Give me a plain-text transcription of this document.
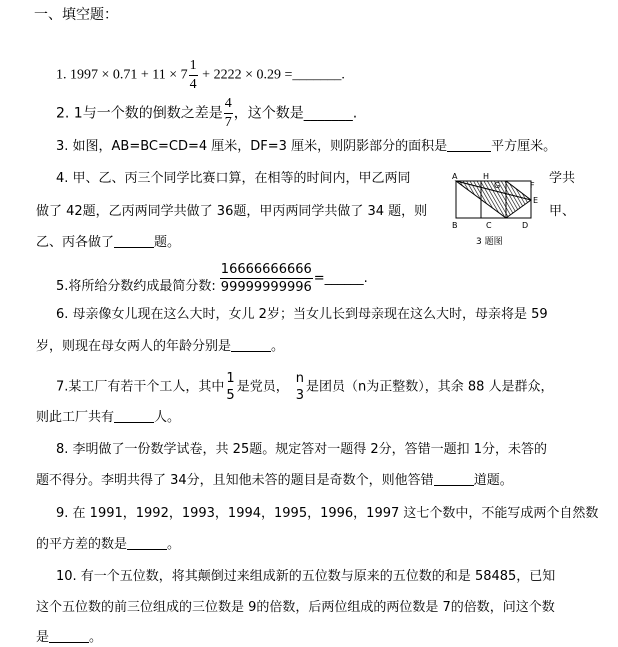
一、填空题：
1. $1997 \times 0.71 + 11 \times 7 \frac{1}{4} + 2222 \times 0.29$ =_______.
2. 1与一个数的倒数之差是 $\frac{4}{7}$ ，这个数是_______.
3. 如图，AB=BC=CD=4 厘米，DF=3 厘米，则阴影部分的面积是	平方厘米。
4. 甲、乙、丙三个同学比赛口算，在相等的时间内，甲乙两同	学共
做了 42题，乙丙两同学共做了 36题，甲丙两同学共做了 34 题，则	甲、
乙、丙各做了	题。
A	H
G	F
E
B	C	D
3 题图
5.将所给分数约成最简分数: $\frac{16666666666}{99999999996}$ =______.
6. 母亲像女儿现在这么大时，女儿 2岁；当女儿长到母亲现在这么大时，母亲将是 59
岁，则现在母女两人的年龄分别是	。
7.某工厂有若干个工人，其中
1
5
是党员，
n
3
是团员（n为正整数），其余 88 人是群众，
则此工厂共有	人。
8. 李明做了一份数学试卷，共 25题。规定答对一题得 2分，答错一题扣 1分，未答的
题不得分。李明共得了 34分，且知他未答的题目是奇数个，则他答错	道题。
9. 在 1991，1992，1993，1994，1995，1996，1997 这七个数中，不能写成两个自然数
的平方差的数是	。
10. 有一个五位数，将其颠倒过来组成新的五位数与原来的五位数的和是 58485，已知
这个五位数的前三位组成的三位数是 9的倍数，后两位组成的两位数是 7的倍数，问这个数
是	。
